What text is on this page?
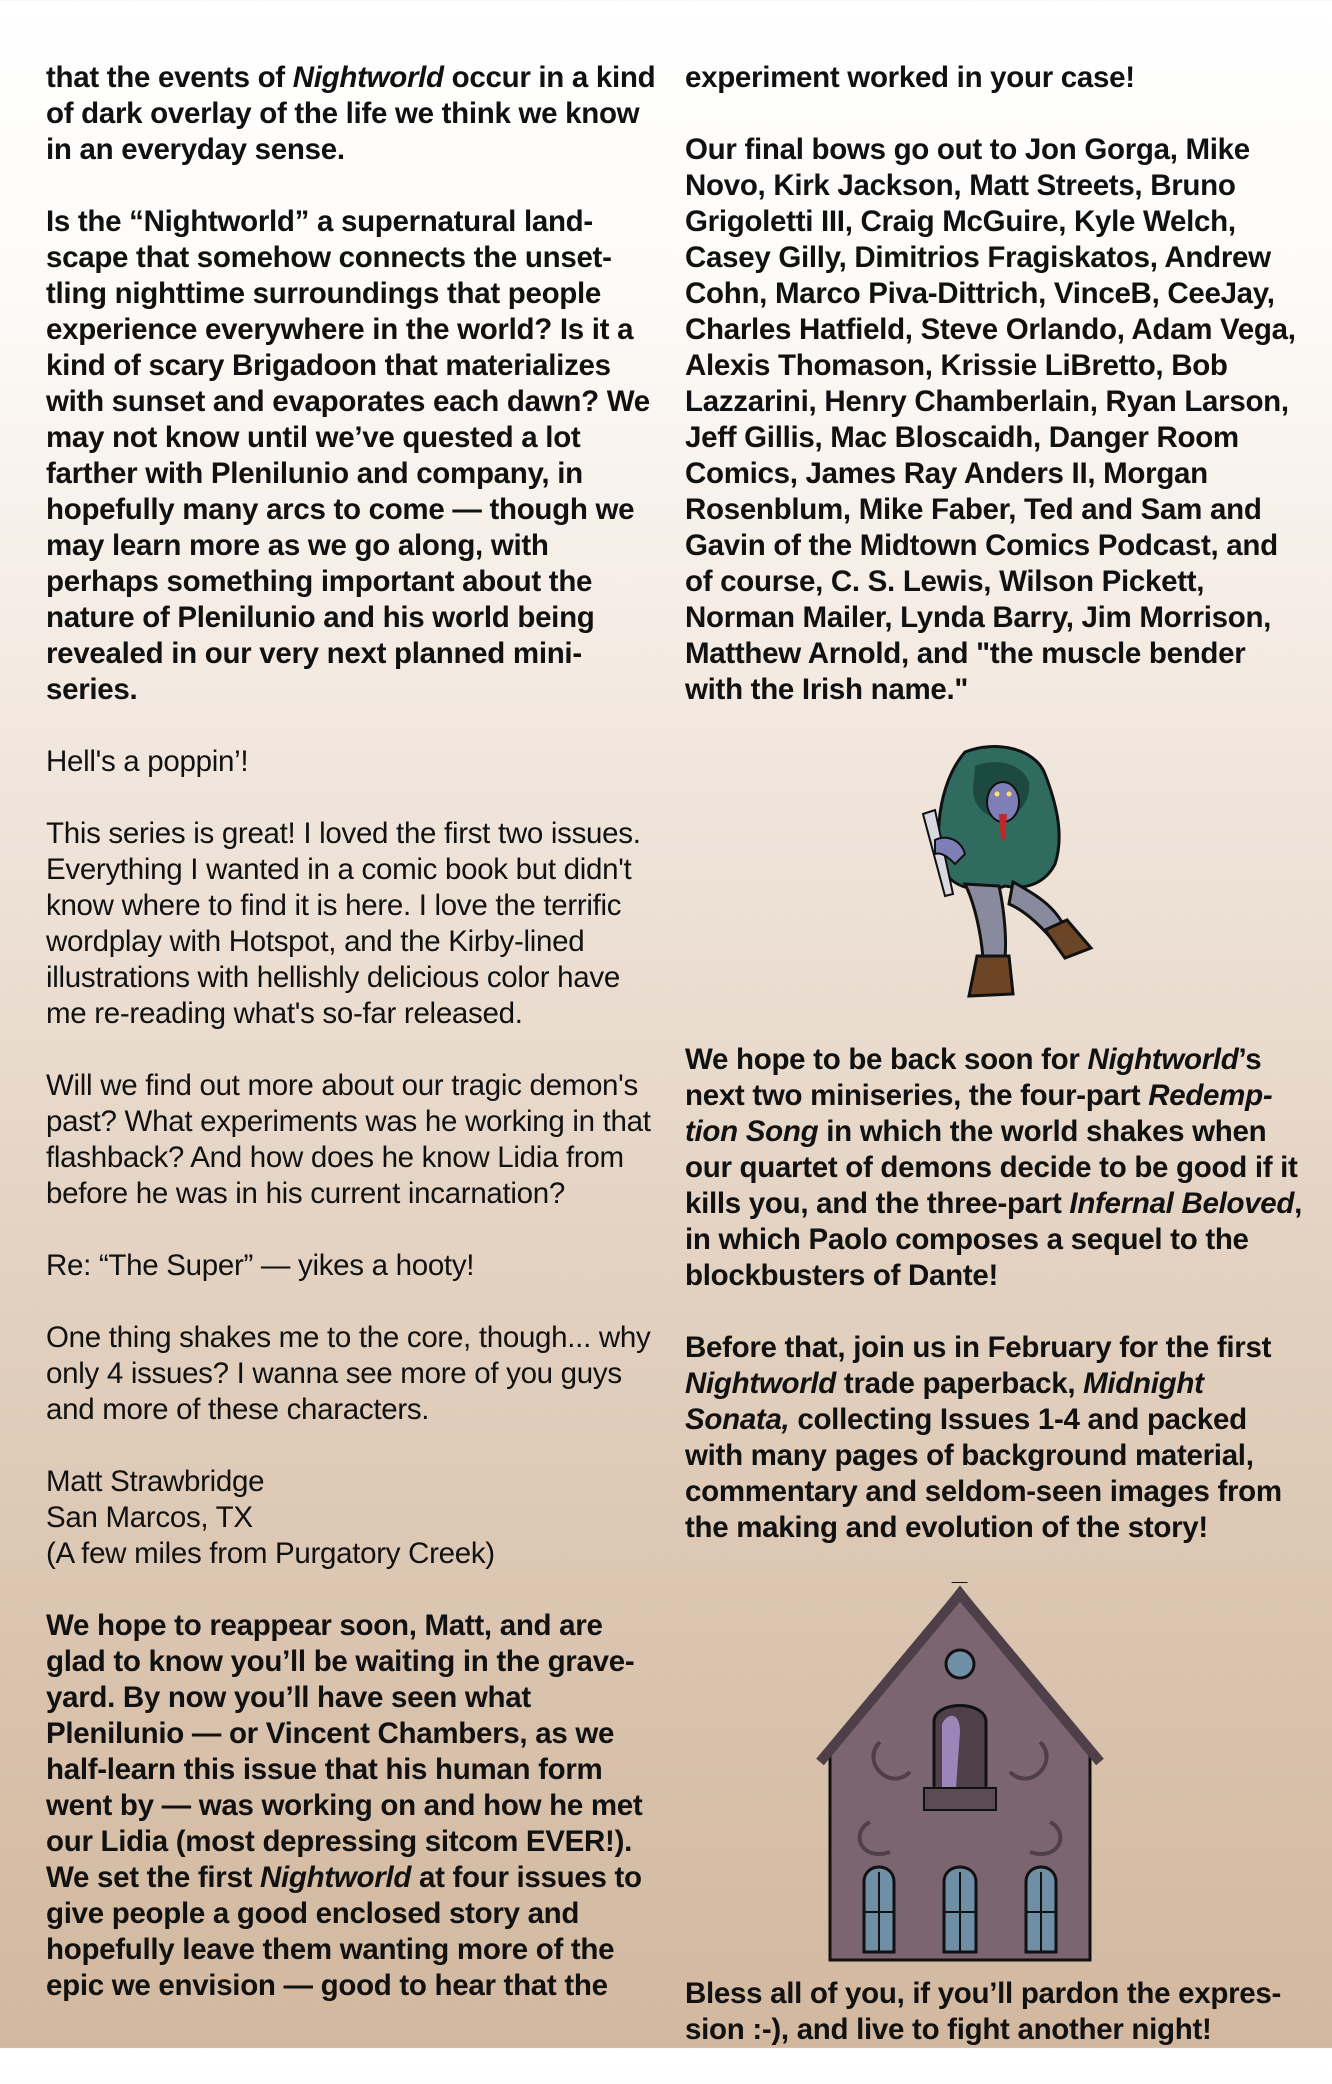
that the events of Nightworld occur in a kind of dark overlay of the life we think we know in an everyday sense.

Is the “Nightworld” a supernatural landscape that somehow connects the unsettling nighttime surroundings that people experience everywhere in the world? Is it a kind of scary Brigadoon that materializes with sunset and evaporates each dawn? We may not know until we’ve quested a lot farther with Plenilunio and company, in hopefully many arcs to come — though we may learn more as we go along, with perhaps something important about the nature of Plenilunio and his world being revealed in our very next planned miniseries.

Hell's a poppin’!

This series is great! I loved the first two issues. Everything I wanted in a comic book but didn't know where to find it is here. I love the terrific wordplay with Hotspot, and the Kirby-lined illustrations with hellishly delicious color have me re-reading what's so-far released.

Will we find out more about our tragic demon's past? What experiments was he working in that flashback? And how does he know Lidia from before he was in his current incarnation?

Re: “The Super” — yikes a hooty!

One thing shakes me to the core, though... why only 4 issues? I wanna see more of you guys and more of these characters.

Matt Strawbridge
San Marcos, TX
(A few miles from Purgatory Creek)

We hope to reappear soon, Matt, and are glad to know you’ll be waiting in the graveyard. By now you’ll have seen what Plenilunio — or Vincent Chambers, as we half-learn this issue that his human form went by — was working on and how he met our Lidia (most depressing sitcom EVER!). We set the first Nightworld at four issues to give people a good enclosed story and hopefully leave them wanting more of the epic we envision — good to hear that the

experiment worked in your case!

Our final bows go out to Jon Gorga, Mike Novo, Kirk Jackson, Matt Streets, Bruno Grigoletti III, Craig McGuire, Kyle Welch, Casey Gilly, Dimitrios Fragiskatos, Andrew Cohn, Marco Piva-Dittrich, VinceB, CeeJay, Charles Hatfield, Steve Orlando, Adam Vega, Alexis Thomason, Krissie LiBretto, Bob Lazzarini, Henry Chamberlain, Ryan Larson, Jeff Gillis, Mac Bloscaidh, Danger Room Comics, James Ray Anders II, Morgan Rosenblum, Mike Faber, Ted and Sam and Gavin of the Midtown Comics Podcast, and of course, C. S. Lewis, Wilson Pickett, Norman Mailer, Lynda Barry, Jim Morrison, Matthew Arnold, and "the muscle bender with the Irish name."

We hope to be back soon for Nightworld’s next two miniseries, the four-part Redemption Song in which the world shakes when our quartet of demons decide to be good if it kills you, and the three-part Infernal Beloved, in which Paolo composes a sequel to the blockbusters of Dante!

Before that, join us in February for the first Nightworld trade paperback, Midnight Sonata, collecting Issues 1-4 and packed with many pages of background material, commentary and seldom-seen images from the making and evolution of the story!

Bless all of you, if you’ll pardon the expression :-), and live to fight another night!
